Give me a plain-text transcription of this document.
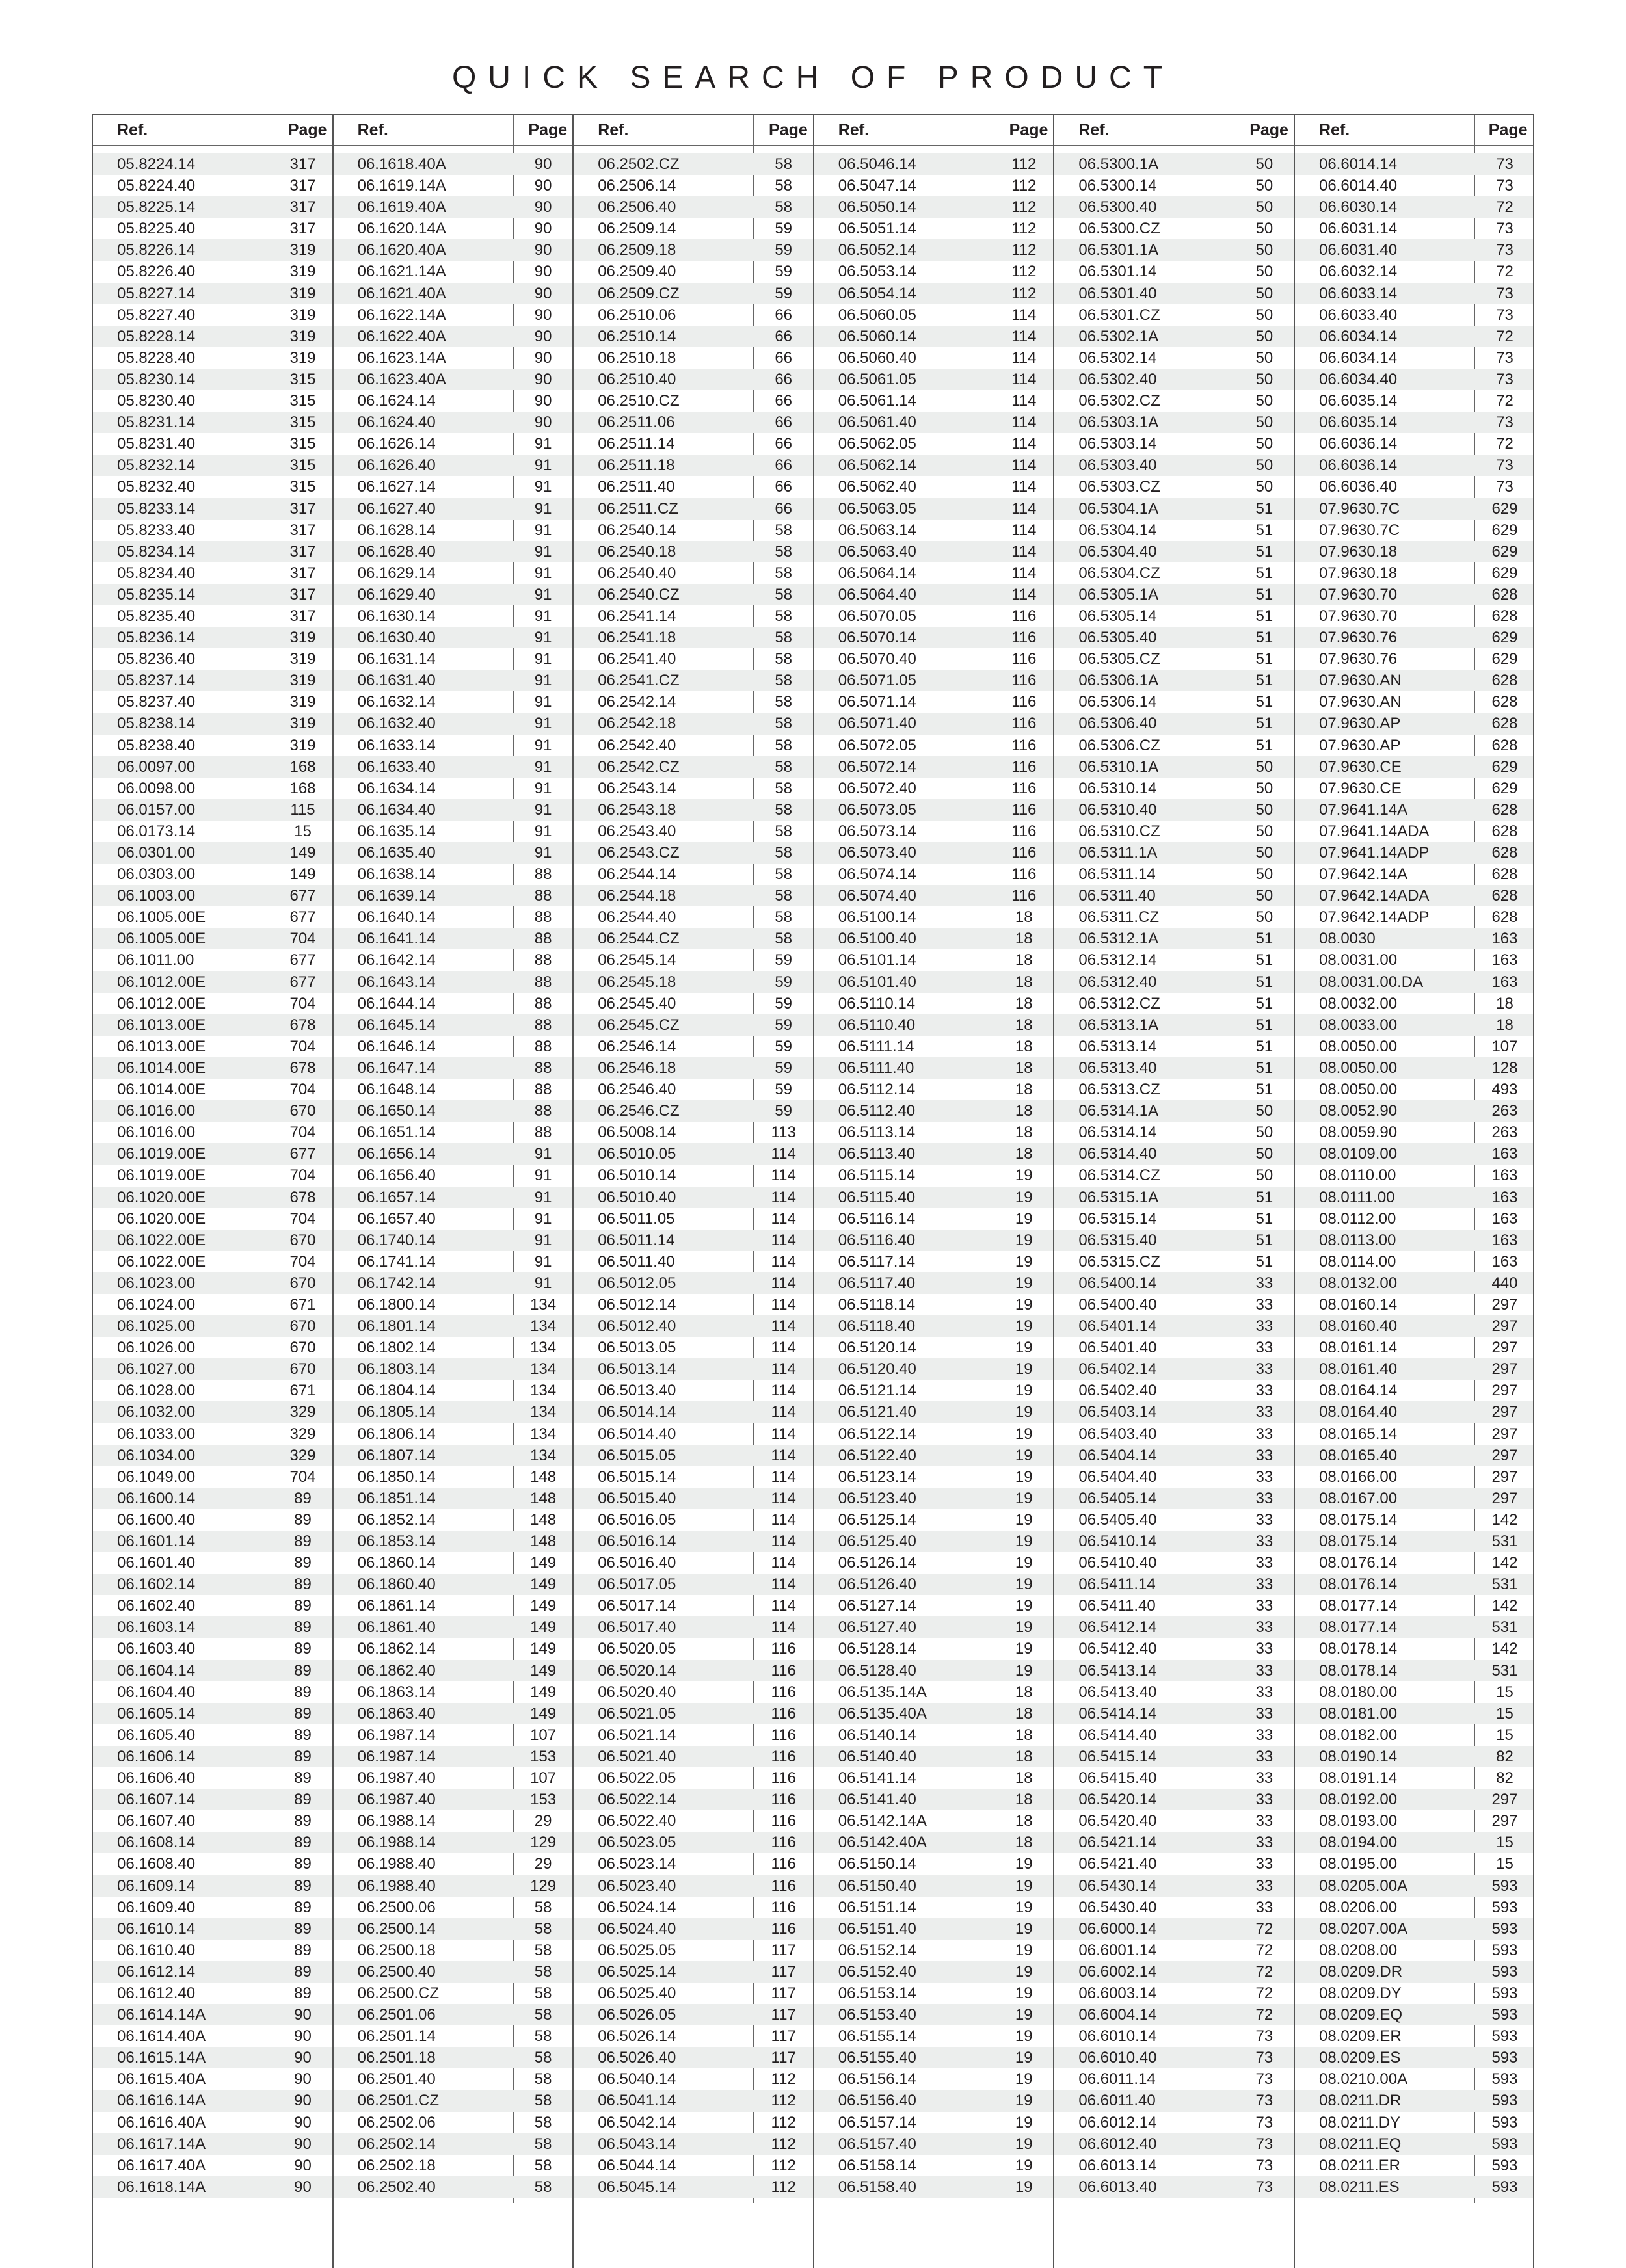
QUICK SEARCH OF PRODUCT
Ref.	Page
05.8224.14	317
05.8224.40	317
05.8225.14	317
05.8225.40	317
05.8226.14	319
05.8226.40	319
05.8227.14	319
05.8227.40	319
05.8228.14	319
05.8228.40	319
05.8230.14	315
05.8230.40	315
05.8231.14	315
05.8231.40	315
05.8232.14	315
05.8232.40	315
05.8233.14	317
05.8233.40	317
05.8234.14	317
05.8234.40	317
05.8235.14	317
05.8235.40	317
05.8236.14	319
05.8236.40	319
05.8237.14	319
05.8237.40	319
05.8238.14	319
05.8238.40	319
06.0097.00	168
06.0098.00	168
06.0157.00	115
06.0173.14	15
06.0301.00	149
06.0303.00	149
06.1003.00	677
06.1005.00E	677
06.1005.00E	704
06.1011.00	677
06.1012.00E	677
06.1012.00E	704
06.1013.00E	678
06.1013.00E	704
06.1014.00E	678
06.1014.00E	704
06.1016.00	670
06.1016.00	704
06.1019.00E	677
06.1019.00E	704
06.1020.00E	678
06.1020.00E	704
06.1022.00E	670
06.1022.00E	704
06.1023.00	670
06.1024.00	671
06.1025.00	670
06.1026.00	670
06.1027.00	670
06.1028.00	671
06.1032.00	329
06.1033.00	329
06.1034.00	329
06.1049.00	704
06.1600.14	89
06.1600.40	89
06.1601.14	89
06.1601.40	89
06.1602.14	89
06.1602.40	89
06.1603.14	89
06.1603.40	89
06.1604.14	89
06.1604.40	89
06.1605.14	89
06.1605.40	89
06.1606.14	89
06.1606.40	89
06.1607.14	89
06.1607.40	89
06.1608.14	89
06.1608.40	89
06.1609.14	89
06.1609.40	89
06.1610.14	89
06.1610.40	89
06.1612.14	89
06.1612.40	89
06.1614.14A	90
06.1614.40A	90
06.1615.14A	90
06.1615.40A	90
06.1616.14A	90
06.1616.40A	90
06.1617.14A	90
06.1617.40A	90
06.1618.14A	90
Ref.	Page
06.1618.40A	90
06.1619.14A	90
06.1619.40A	90
06.1620.14A	90
06.1620.40A	90
06.1621.14A	90
06.1621.40A	90
06.1622.14A	90
06.1622.40A	90
06.1623.14A	90
06.1623.40A	90
06.1624.14	90
06.1624.40	90
06.1626.14	91
06.1626.40	91
06.1627.14	91
06.1627.40	91
06.1628.14	91
06.1628.40	91
06.1629.14	91
06.1629.40	91
06.1630.14	91
06.1630.40	91
06.1631.14	91
06.1631.40	91
06.1632.14	91
06.1632.40	91
06.1633.14	91
06.1633.40	91
06.1634.14	91
06.1634.40	91
06.1635.14	91
06.1635.40	91
06.1638.14	88
06.1639.14	88
06.1640.14	88
06.1641.14	88
06.1642.14	88
06.1643.14	88
06.1644.14	88
06.1645.14	88
06.1646.14	88
06.1647.14	88
06.1648.14	88
06.1650.14	88
06.1651.14	88
06.1656.14	91
06.1656.40	91
06.1657.14	91
06.1657.40	91
06.1740.14	91
06.1741.14	91
06.1742.14	91
06.1800.14	134
06.1801.14	134
06.1802.14	134
06.1803.14	134
06.1804.14	134
06.1805.14	134
06.1806.14	134
06.1807.14	134
06.1850.14	148
06.1851.14	148
06.1852.14	148
06.1853.14	148
06.1860.14	149
06.1860.40	149
06.1861.14	149
06.1861.40	149
06.1862.14	149
06.1862.40	149
06.1863.14	149
06.1863.40	149
06.1987.14	107
06.1987.14	153
06.1987.40	107
06.1987.40	153
06.1988.14	29
06.1988.14	129
06.1988.40	29
06.1988.40	129
06.2500.06	58
06.2500.14	58
06.2500.18	58
06.2500.40	58
06.2500.CZ	58
06.2501.06	58
06.2501.14	58
06.2501.18	58
06.2501.40	58
06.2501.CZ	58
06.2502.06	58
06.2502.14	58
06.2502.18	58
06.2502.40	58
Ref.	Page
06.2502.CZ	58
06.2506.14	58
06.2506.40	58
06.2509.14	59
06.2509.18	59
06.2509.40	59
06.2509.CZ	59
06.2510.06	66
06.2510.14	66
06.2510.18	66
06.2510.40	66
06.2510.CZ	66
06.2511.06	66
06.2511.14	66
06.2511.18	66
06.2511.40	66
06.2511.CZ	66
06.2540.14	58
06.2540.18	58
06.2540.40	58
06.2540.CZ	58
06.2541.14	58
06.2541.18	58
06.2541.40	58
06.2541.CZ	58
06.2542.14	58
06.2542.18	58
06.2542.40	58
06.2542.CZ	58
06.2543.14	58
06.2543.18	58
06.2543.40	58
06.2543.CZ	58
06.2544.14	58
06.2544.18	58
06.2544.40	58
06.2544.CZ	58
06.2545.14	59
06.2545.18	59
06.2545.40	59
06.2545.CZ	59
06.2546.14	59
06.2546.18	59
06.2546.40	59
06.2546.CZ	59
06.5008.14	113
06.5010.05	114
06.5010.14	114
06.5010.40	114
06.5011.05	114
06.5011.14	114
06.5011.40	114
06.5012.05	114
06.5012.14	114
06.5012.40	114
06.5013.05	114
06.5013.14	114
06.5013.40	114
06.5014.14	114
06.5014.40	114
06.5015.05	114
06.5015.14	114
06.5015.40	114
06.5016.05	114
06.5016.14	114
06.5016.40	114
06.5017.05	114
06.5017.14	114
06.5017.40	114
06.5020.05	116
06.5020.14	116
06.5020.40	116
06.5021.05	116
06.5021.14	116
06.5021.40	116
06.5022.05	116
06.5022.14	116
06.5022.40	116
06.5023.05	116
06.5023.14	116
06.5023.40	116
06.5024.14	116
06.5024.40	116
06.5025.05	117
06.5025.14	117
06.5025.40	117
06.5026.05	117
06.5026.14	117
06.5026.40	117
06.5040.14	112
06.5041.14	112
06.5042.14	112
06.5043.14	112
06.5044.14	112
06.5045.14	112
Ref.	Page
06.5046.14	112
06.5047.14	112
06.5050.14	112
06.5051.14	112
06.5052.14	112
06.5053.14	112
06.5054.14	112
06.5060.05	114
06.5060.14	114
06.5060.40	114
06.5061.05	114
06.5061.14	114
06.5061.40	114
06.5062.05	114
06.5062.14	114
06.5062.40	114
06.5063.05	114
06.5063.14	114
06.5063.40	114
06.5064.14	114
06.5064.40	114
06.5070.05	116
06.5070.14	116
06.5070.40	116
06.5071.05	116
06.5071.14	116
06.5071.40	116
06.5072.05	116
06.5072.14	116
06.5072.40	116
06.5073.05	116
06.5073.14	116
06.5073.40	116
06.5074.14	116
06.5074.40	116
06.5100.14	18
06.5100.40	18
06.5101.14	18
06.5101.40	18
06.5110.14	18
06.5110.40	18
06.5111.14	18
06.5111.40	18
06.5112.14	18
06.5112.40	18
06.5113.14	18
06.5113.40	18
06.5115.14	19
06.5115.40	19
06.5116.14	19
06.5116.40	19
06.5117.14	19
06.5117.40	19
06.5118.14	19
06.5118.40	19
06.5120.14	19
06.5120.40	19
06.5121.14	19
06.5121.40	19
06.5122.14	19
06.5122.40	19
06.5123.14	19
06.5123.40	19
06.5125.14	19
06.5125.40	19
06.5126.14	19
06.5126.40	19
06.5127.14	19
06.5127.40	19
06.5128.14	19
06.5128.40	19
06.5135.14A	18
06.5135.40A	18
06.5140.14	18
06.5140.40	18
06.5141.14	18
06.5141.40	18
06.5142.14A	18
06.5142.40A	18
06.5150.14	19
06.5150.40	19
06.5151.14	19
06.5151.40	19
06.5152.14	19
06.5152.40	19
06.5153.14	19
06.5153.40	19
06.5155.14	19
06.5155.40	19
06.5156.14	19
06.5156.40	19
06.5157.14	19
06.5157.40	19
06.5158.14	19
06.5158.40	19
Ref.	Page
06.5300.1A	50
06.5300.14	50
06.5300.40	50
06.5300.CZ	50
06.5301.1A	50
06.5301.14	50
06.5301.40	50
06.5301.CZ	50
06.5302.1A	50
06.5302.14	50
06.5302.40	50
06.5302.CZ	50
06.5303.1A	50
06.5303.14	50
06.5303.40	50
06.5303.CZ	50
06.5304.1A	51
06.5304.14	51
06.5304.40	51
06.5304.CZ	51
06.5305.1A	51
06.5305.14	51
06.5305.40	51
06.5305.CZ	51
06.5306.1A	51
06.5306.14	51
06.5306.40	51
06.5306.CZ	51
06.5310.1A	50
06.5310.14	50
06.5310.40	50
06.5310.CZ	50
06.5311.1A	50
06.5311.14	50
06.5311.40	50
06.5311.CZ	50
06.5312.1A	51
06.5312.14	51
06.5312.40	51
06.5312.CZ	51
06.5313.1A	51
06.5313.14	51
06.5313.40	51
06.5313.CZ	51
06.5314.1A	50
06.5314.14	50
06.5314.40	50
06.5314.CZ	50
06.5315.1A	51
06.5315.14	51
06.5315.40	51
06.5315.CZ	51
06.5400.14	33
06.5400.40	33
06.5401.14	33
06.5401.40	33
06.5402.14	33
06.5402.40	33
06.5403.14	33
06.5403.40	33
06.5404.14	33
06.5404.40	33
06.5405.14	33
06.5405.40	33
06.5410.14	33
06.5410.40	33
06.5411.14	33
06.5411.40	33
06.5412.14	33
06.5412.40	33
06.5413.14	33
06.5413.40	33
06.5414.14	33
06.5414.40	33
06.5415.14	33
06.5415.40	33
06.5420.14	33
06.5420.40	33
06.5421.14	33
06.5421.40	33
06.5430.14	33
06.5430.40	33
06.6000.14	72
06.6001.14	72
06.6002.14	72
06.6003.14	72
06.6004.14	72
06.6010.14	73
06.6010.40	73
06.6011.14	73
06.6011.40	73
06.6012.14	73
06.6012.40	73
06.6013.14	73
06.6013.40	73
Ref.	Page
06.6014.14	73
06.6014.40	73
06.6030.14	72
06.6031.14	73
06.6031.40	73
06.6032.14	72
06.6033.14	73
06.6033.40	73
06.6034.14	72
06.6034.14	73
06.6034.40	73
06.6035.14	72
06.6035.14	73
06.6036.14	72
06.6036.14	73
06.6036.40	73
07.9630.7C	629
07.9630.7C	629
07.9630.18	629
07.9630.18	629
07.9630.70	628
07.9630.70	628
07.9630.76	629
07.9630.76	629
07.9630.AN	628
07.9630.AN	628
07.9630.AP	628
07.9630.AP	628
07.9630.CE	629
07.9630.CE	629
07.9641.14A	628
07.9641.14ADA	628
07.9641.14ADP	628
07.9642.14A	628
07.9642.14ADA	628
07.9642.14ADP	628
08.0030	163
08.0031.00	163
08.0031.00.DA	163
08.0032.00	18
08.0033.00	18
08.0050.00	107
08.0050.00	128
08.0050.00	493
08.0052.90	263
08.0059.90	263
08.0109.00	163
08.0110.00	163
08.0111.00	163
08.0112.00	163
08.0113.00	163
08.0114.00	163
08.0132.00	440
08.0160.14	297
08.0160.40	297
08.0161.14	297
08.0161.40	297
08.0164.14	297
08.0164.40	297
08.0165.14	297
08.0165.40	297
08.0166.00	297
08.0167.00	297
08.0175.14	142
08.0175.14	531
08.0176.14	142
08.0176.14	531
08.0177.14	142
08.0177.14	531
08.0178.14	142
08.0178.14	531
08.0180.00	15
08.0181.00	15
08.0182.00	15
08.0190.14	82
08.0191.14	82
08.0192.00	297
08.0193.00	297
08.0194.00	15
08.0195.00	15
08.0205.00A	593
08.0206.00	593
08.0207.00A	593
08.0208.00	593
08.0209.DR	593
08.0209.DY	593
08.0209.EQ	593
08.0209.ER	593
08.0209.ES	593
08.0210.00A	593
08.0211.DR	593
08.0211.DY	593
08.0211.EQ	593
08.0211.ER	593
08.0211.ES	593
